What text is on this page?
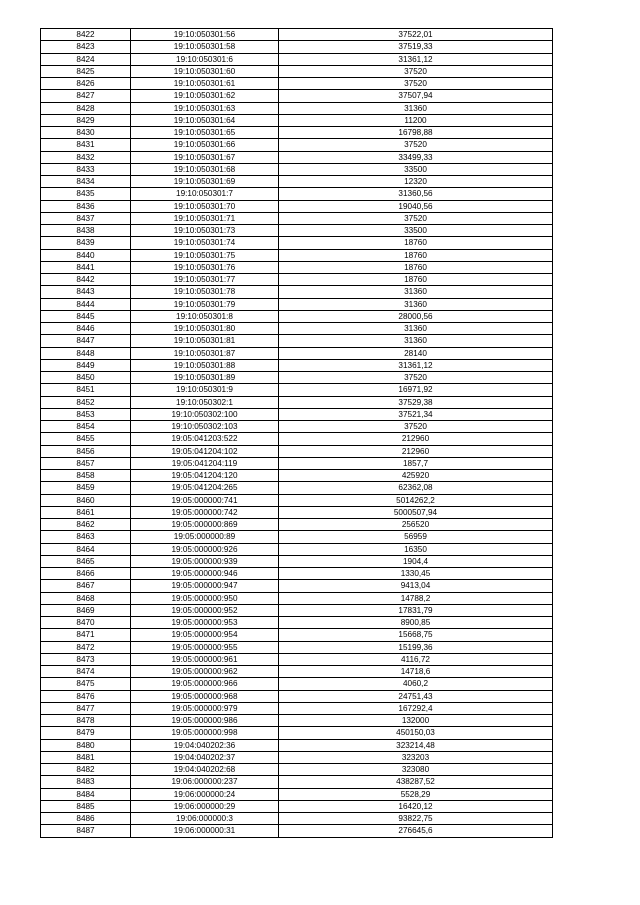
8422	19:10:050301:56	37522,01
8423	19:10:050301:58	37519,33
8424	19:10:050301:6	31361,12
8425	19:10:050301:60	37520
8426	19:10:050301:61	37520
8427	19:10:050301:62	37507,94
8428	19:10:050301:63	31360
8429	19:10:050301:64	11200
8430	19:10:050301:65	16798,88
8431	19:10:050301:66	37520
8432	19:10:050301:67	33499,33
8433	19:10:050301:68	33500
8434	19:10:050301:69	12320
8435	19:10:050301:7	31360,56
8436	19:10:050301:70	19040,56
8437	19:10:050301:71	37520
8438	19:10:050301:73	33500
8439	19:10:050301:74	18760
8440	19:10:050301:75	18760
8441	19:10:050301:76	18760
8442	19:10:050301:77	18760
8443	19:10:050301:78	31360
8444	19:10:050301:79	31360
8445	19:10:050301:8	28000,56
8446	19:10:050301:80	31360
8447	19:10:050301:81	31360
8448	19:10:050301:87	28140
8449	19:10:050301:88	31361,12
8450	19:10:050301:89	37520
8451	19:10:050301:9	16971,92
8452	19:10:050302:1	37529,38
8453	19:10:050302:100	37521,34
8454	19:10:050302:103	37520
8455	19:05:041203:522	212960
8456	19:05:041204:102	212960
8457	19:05:041204:119	1857,7
8458	19:05:041204:120	425920
8459	19:05:041204:265	62362,08
8460	19:05:000000:741	5014262,2
8461	19:05:000000:742	5000507,94
8462	19:05:000000:869	256520
8463	19:05:000000:89	56959
8464	19:05:000000:926	16350
8465	19:05:000000:939	1904,4
8466	19:05:000000:946	1330,45
8467	19:05:000000:947	9413,04
8468	19:05:000000:950	14788,2
8469	19:05:000000:952	17831,79
8470	19:05:000000:953	8900,85
8471	19:05:000000:954	15668,75
8472	19:05:000000:955	15199,36
8473	19:05:000000:961	4116,72
8474	19:05:000000:962	14718,6
8475	19:05:000000:966	4060,2
8476	19:05:000000:968	24751,43
8477	19:05:000000:979	167292,4
8478	19:05:000000:986	132000
8479	19:05:000000:998	450150,03
8480	19:04:040202:36	323214,48
8481	19:04:040202:37	323203
8482	19:04:040202:68	323080
8483	19:06:000000:237	438287,52
8484	19:06:000000:24	5528,29
8485	19:06:000000:29	16420,12
8486	19:06:000000:3	93822,75
8487	19:06:000000:31	276645,6
